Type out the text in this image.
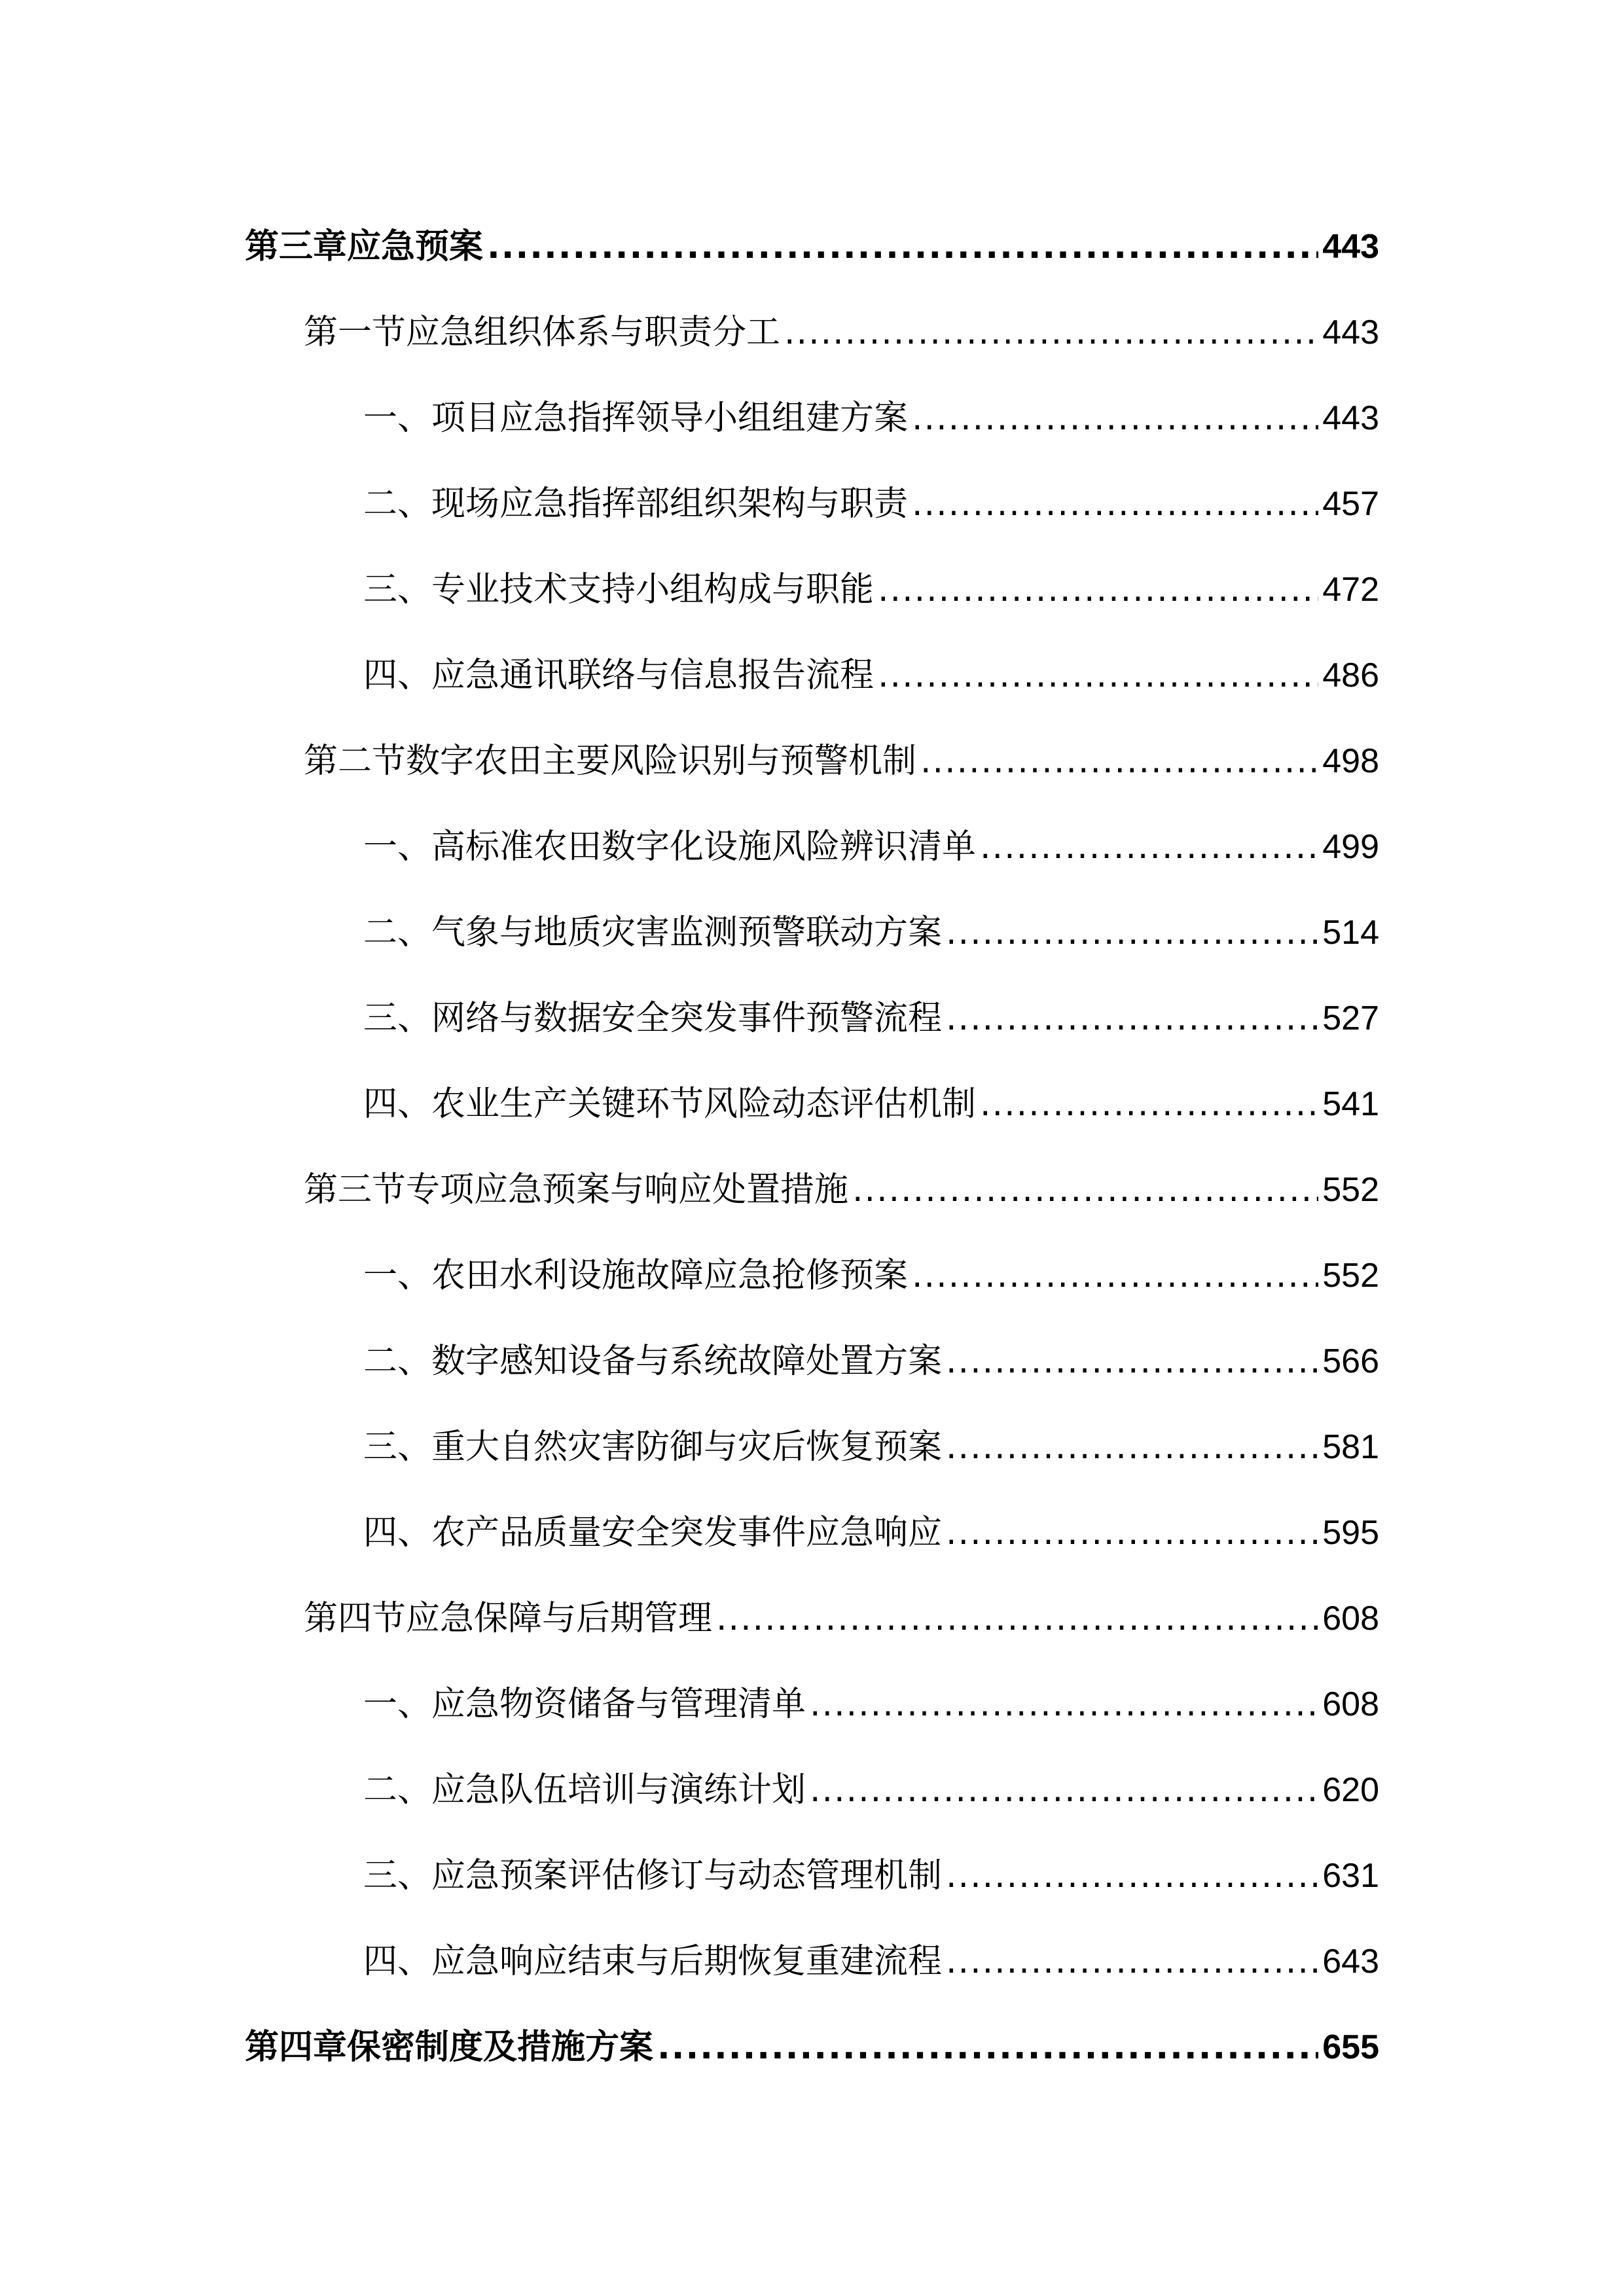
第三章应急预案 .....	443
第一节应急组织体系与职责分工 .....	443
一、项目应急指挥领导小组组建方案 .....	443
二、现场应急指挥部组织架构与职责 .....	457
三、专业技术支持小组构成与职能 .....	472
四、应急通讯联络与信息报告流程 .....	486
第二节数字农田主要风险识别与预警机制 .....	498
一、高标准农田数字化设施风险辨识清单 .....	499
二、气象与地质灾害监测预警联动方案 .....	514
三、网络与数据安全突发事件预警流程 .....	527
四、农业生产关键环节风险动态评估机制 .....	541
第三节专项应急预案与响应处置措施 .....	552
一、农田水利设施故障应急抢修预案 .....	552
二、数字感知设备与系统故障处置方案 .....	566
三、重大自然灾害防御与灾后恢复预案 .....	581
四、农产品质量安全突发事件应急响应 .....	595
第四节应急保障与后期管理 .....	608
一、应急物资储备与管理清单 .....	608
二、应急队伍培训与演练计划 .....	620
三、应急预案评估修订与动态管理机制 .....	631
四、应急响应结束与后期恢复重建流程 .....	643
第四章保密制度及措施方案 .....	655
